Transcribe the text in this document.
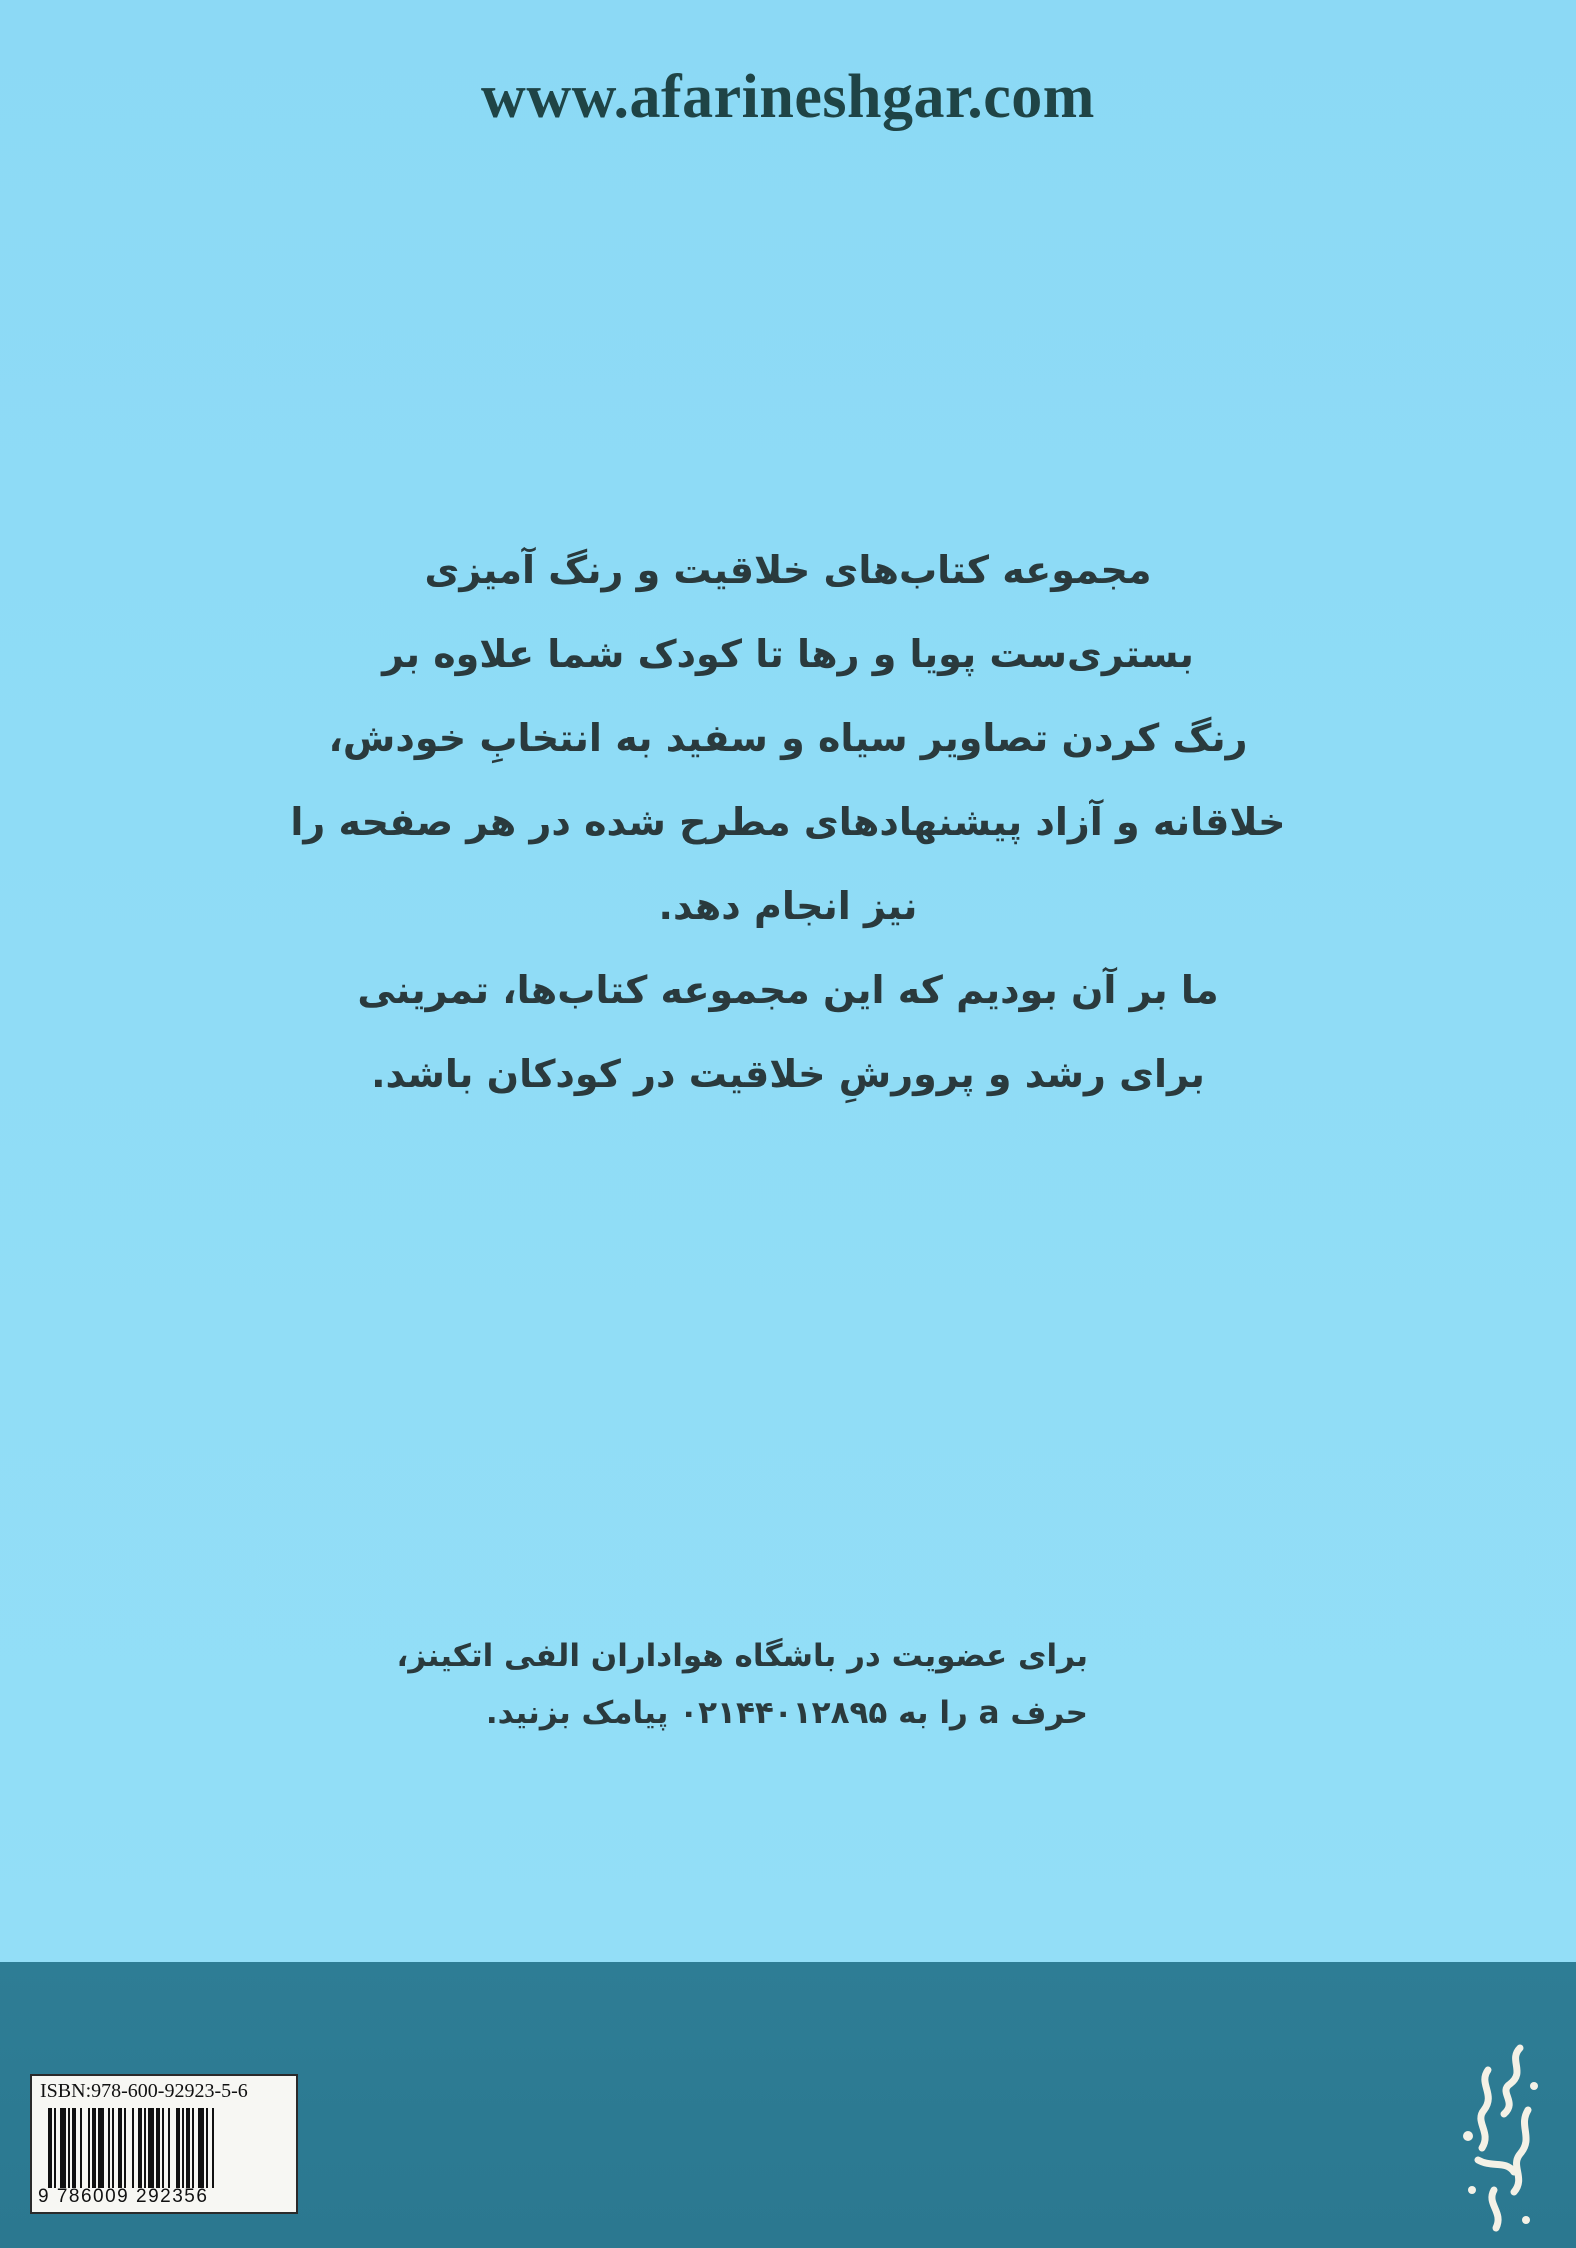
www.afarineshgar.com
مجموعه کتاب‌های خلاقیت و رنگ آمیزی
بستری‌ست پویا و رها تا کودک شما علاوه بر
رنگ کردن تصاویر سیاه و سفید به انتخابِ خودش،
خلاقانه و آزاد پیشنهادهای مطرح شده در هر صفحه را
نیز انجام دهد.
ما بر آن بودیم که این مجموعه کتاب‌ها، تمرینی
برای رشد و پرورشِ خلاقیت در کودکان باشد.
برای عضویت در باشگاه هواداران الفی اتکینز،
حرف a را به ۰۲۱۴۴۰۱۲۸۹۵ پیامک بزنید.
ISBN:978-600-92923-5-6
9 786009 292356
